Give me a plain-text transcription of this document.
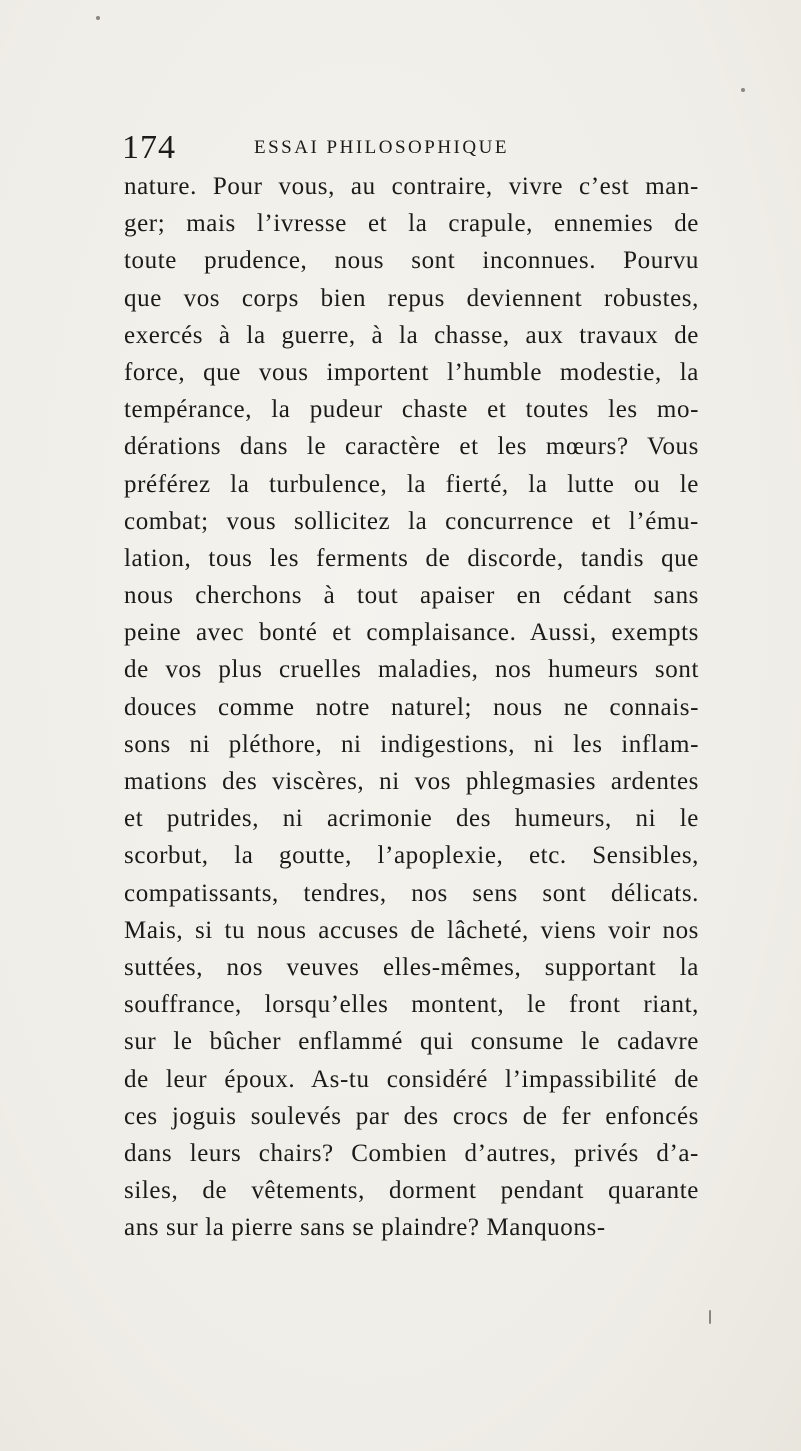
174	ESSAI PHILOSOPHIQUE
nature. Pour vous, au contraire, vivre c’est man-
ger; mais l’ivresse et la crapule, ennemies de
toute prudence, nous sont inconnues. Pourvu
que vos corps bien repus deviennent robustes,
exercés à la guerre, à la chasse, aux travaux de
force, que vous importent l’humble modestie, la
tempérance, la pudeur chaste et toutes les mo-
dérations dans le caractère et les mœurs? Vous
préférez la turbulence, la fierté, la lutte ou le
combat; vous sollicitez la concurrence et l’ému-
lation, tous les ferments de discorde, tandis que
nous cherchons à tout apaiser en cédant sans
peine avec bonté et complaisance. Aussi, exempts
de vos plus cruelles maladies, nos humeurs sont
douces comme notre naturel; nous ne connais-
sons ni pléthore, ni indigestions, ni les inflam-
mations des viscères, ni vos phlegmasies ardentes
et putrides, ni acrimonie des humeurs, ni le
scorbut, la goutte, l’apoplexie, etc. Sensibles,
compatissants, tendres, nos sens sont délicats.
Mais, si tu nous accuses de lâcheté, viens voir nos
suttées, nos veuves elles-mêmes, supportant la
souffrance, lorsqu’elles montent, le front riant,
sur le bûcher enflammé qui consume le cadavre
de leur époux. As-tu considéré l’impassibilité de
ces joguis soulevés par des crocs de fer enfoncés
dans leurs chairs? Combien d’autres, privés d’a-
siles, de vêtements, dorment pendant quarante
ans sur la pierre sans se plaindre? Manquons-
